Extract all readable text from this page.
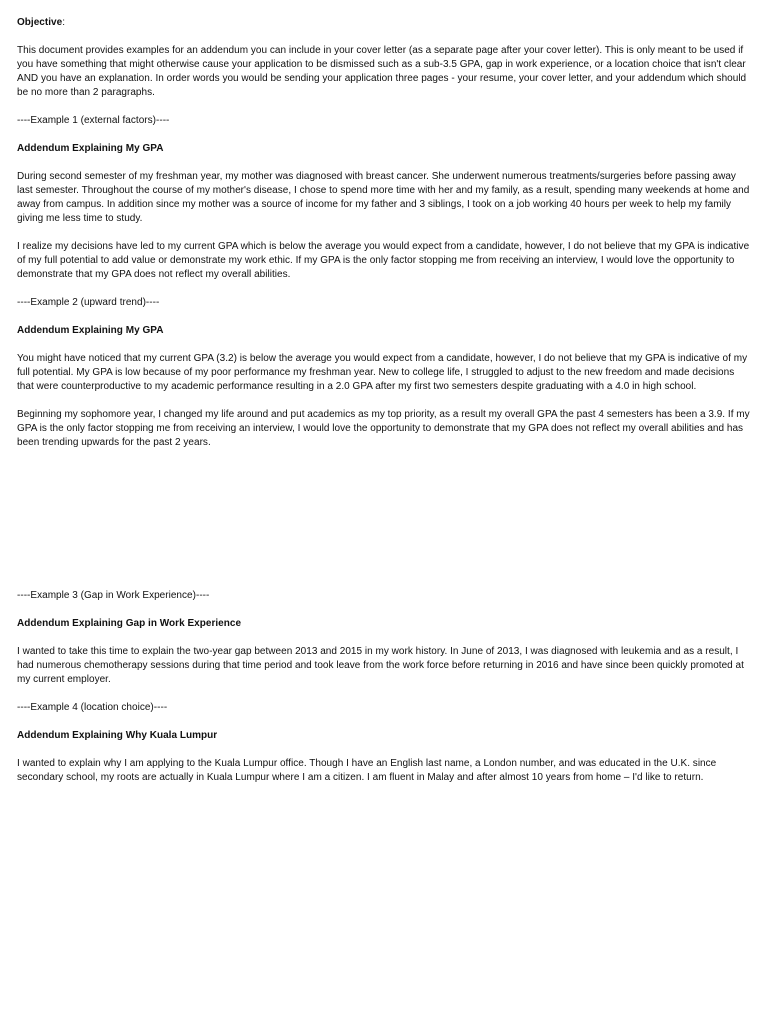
Objective:

This document provides examples for an addendum you can include in your cover letter (as a separate page after your cover letter). This is only meant to be used if you have something that might otherwise cause your application to be dismissed such as a sub-3.5 GPA, gap in work experience, or a location choice that isn't clear AND you have an explanation. In order words you would be sending your application three pages - your resume, your cover letter, and your addendum which should be no more than 2 paragraphs.

----Example 1 (external factors)----

Addendum Explaining My GPA

During second semester of my freshman year, my mother was diagnosed with breast cancer. She underwent numerous treatments/surgeries before passing away last semester. Throughout the course of my mother's disease, I chose to spend more time with her and my family, as a result, spending many weekends at home and away from campus. In addition since my mother was a source of income for my father and 3 siblings, I took on a job working 40 hours per week to help my family giving me less time to study.

I realize my decisions have led to my current GPA which is below the average you would expect from a candidate, however, I do not believe that my GPA is indicative of my full potential to add value or demonstrate my work ethic. If my GPA is the only factor stopping me from receiving an interview, I would love the opportunity to demonstrate that my GPA does not reflect my overall abilities.

----Example 2 (upward trend)----

Addendum Explaining My GPA

You might have noticed that my current GPA (3.2) is below the average you would expect from a candidate, however, I do not believe that my GPA is indicative of my full potential. My GPA is low because of my poor performance my freshman year. New to college life, I struggled to adjust to the new freedom and made decisions that were counterproductive to my academic performance resulting in a 2.0 GPA after my first two semesters despite graduating with a 4.0 in high school.

Beginning my sophomore year, I changed my life around and put academics as my top priority, as a result my overall GPA the past 4 semesters has been a 3.9. If my GPA is the only factor stopping me from receiving an interview, I would love the opportunity to demonstrate that my GPA does not reflect my overall abilities and has been trending upwards for the past 2 years.

----Example 3 (Gap in Work Experience)----

Addendum Explaining Gap in Work Experience

I wanted to take this time to explain the two-year gap between 2013 and 2015 in my work history. In June of 2013, I was diagnosed with leukemia and as a result, I had numerous chemotherapy sessions during that time period and took leave from the work force before returning in 2016 and have since been quickly promoted at my current employer.

----Example 4 (location choice)----

Addendum Explaining Why Kuala Lumpur

I wanted to explain why I am applying to the Kuala Lumpur office. Though I have an English last name, a London number, and was educated in the U.K. since secondary school, my roots are actually in Kuala Lumpur where I am a citizen. I am fluent in Malay and after almost 10 years from home – I'd like to return.
